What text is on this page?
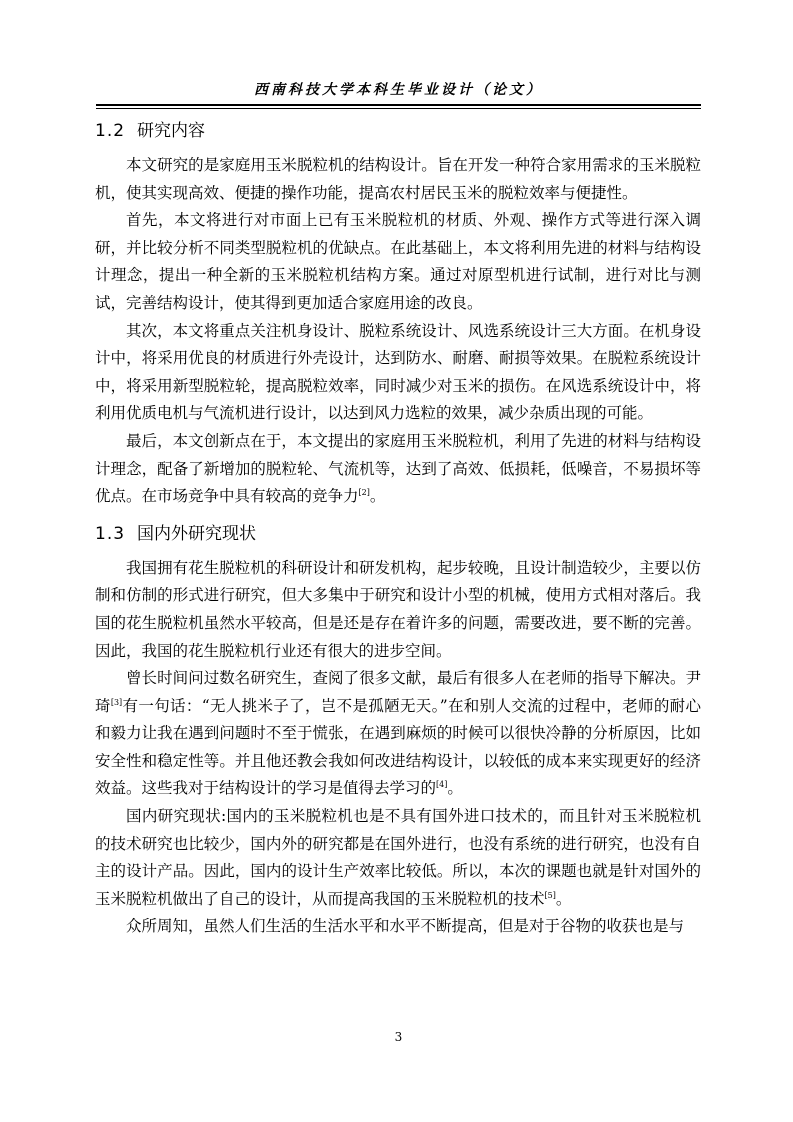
西南科技大学本科生毕业设计（论文）
1.2 研究内容

本文研究的是家庭用玉米脱粒机的结构设计。旨在开发一种符合家用需求的玉米脱粒机，使其实现高效、便捷的操作功能，提高农村居民玉米的脱粒效率与便捷性。

首先，本文将进行对市面上已有玉米脱粒机的材质、外观、操作方式等进行深入调研，并比较分析不同类型脱粒机的优缺点。在此基础上，本文将利用先进的材料与结构设计理念，提出一种全新的玉米脱粒机结构方案。通过对原型机进行试制，进行对比与测试，完善结构设计，使其得到更加适合家庭用途的改良。

其次，本文将重点关注机身设计、脱粒系统设计、风选系统设计三大方面。在机身设计中，将采用优良的材质进行外壳设计，达到防水、耐磨、耐损等效果。在脱粒系统设计中，将采用新型脱粒轮，提高脱粒效率，同时减少对玉米的损伤。在风选系统设计中，将利用优质电机与气流机进行设计，以达到风力选粒的效果，减少杂质出现的可能。

最后，本文创新点在于，本文提出的家庭用玉米脱粒机，利用了先进的材料与结构设计理念，配备了新增加的脱粒轮、气流机等，达到了高效、低损耗，低噪音，不易损坏等优点。在市场竞争中具有较高的竞争力[2]。

1.3 国内外研究现状

我国拥有花生脱粒机的科研设计和研发机构，起步较晚，且设计制造较少，主要以仿制和仿制的形式进行研究，但大多集中于研究和设计小型的机械，使用方式相对落后。我国的花生脱粒机虽然水平较高，但是还是存在着许多的问题，需要改进，要不断的完善。因此，我国的花生脱粒机行业还有很大的进步空间。

曾长时间问过数名研究生，查阅了很多文献，最后有很多人在老师的指导下解决。尹琦[3]有一句话：“无人挑米子了，岂不是孤陋无天。”在和别人交流的过程中，老师的耐心和毅力让我在遇到问题时不至于慌张，在遇到麻烦的时候可以很快冷静的分析原因，比如安全性和稳定性等。并且他还教会我如何改进结构设计，以较低的成本来实现更好的经济效益。这些我对于结构设计的学习是值得去学习的[4]。

国内研究现状:国内的玉米脱粒机也是不具有国外进口技术的，而且针对玉米脱粒机的技术研究也比较少，国内外的研究都是在国外进行，也没有系统的进行研究，也没有自主的设计产品。因此，国内的设计生产效率比较低。所以，本次的课题也就是针对国外的玉米脱粒机做出了自己的设计，从而提高我国的玉米脱粒机的技术[5]。

众所周知，虽然人们生活的生活水平和水平不断提高，但是对于谷物的收获也是与

3
